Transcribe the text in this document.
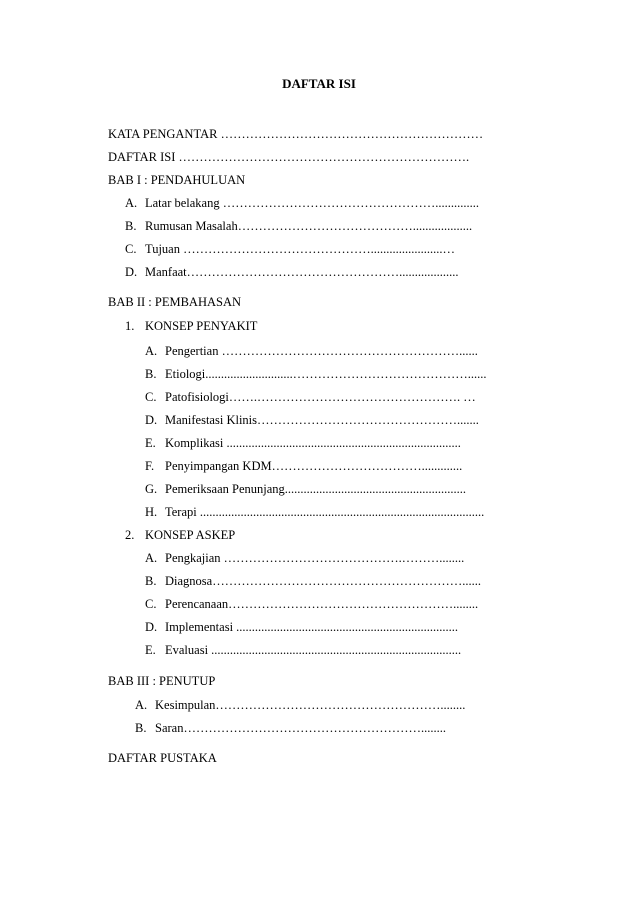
DAFTAR ISI
KATA PENGANTAR ………………………………………………………
DAFTAR ISI …………………………………………………………….
BAB I : PENDAHULUAN
A. Latar belakang ……………………………………………..............
B. Rumusan Masalah……………………………………...................
C. Tujuan ……………………………………….......................…
D. Manfaat……………………………………………...................
BAB II : PEMBAHASAN
1. KONSEP PENYAKIT
A. Pengertian …………………………………………………......
B. Etiologi............................……………………………………......
C. Patofisiologi…….…………………………………………. …
D. Manifestasi Klinis………………………………………….......
E. Komplikasi ...........................................................................
F. Penyimpangan KDM……………………………….............
G. Pemeriksaan Penunjang..........................................................
H. Terapi ...........................................................................................
2. KONSEP ASKEP
A. Pengkajian …………………………………….………........
B. Diagnosa……………………………………………………......
C. Perencanaan………………………………………………........
D. Implementasi .......................................................................
E. Evaluasi ................................................................................
BAB III : PENUTUP
A. Kesimpulan………………………………………………........
B. Saran…………………………………………………........
DAFTAR PUSTAKA
